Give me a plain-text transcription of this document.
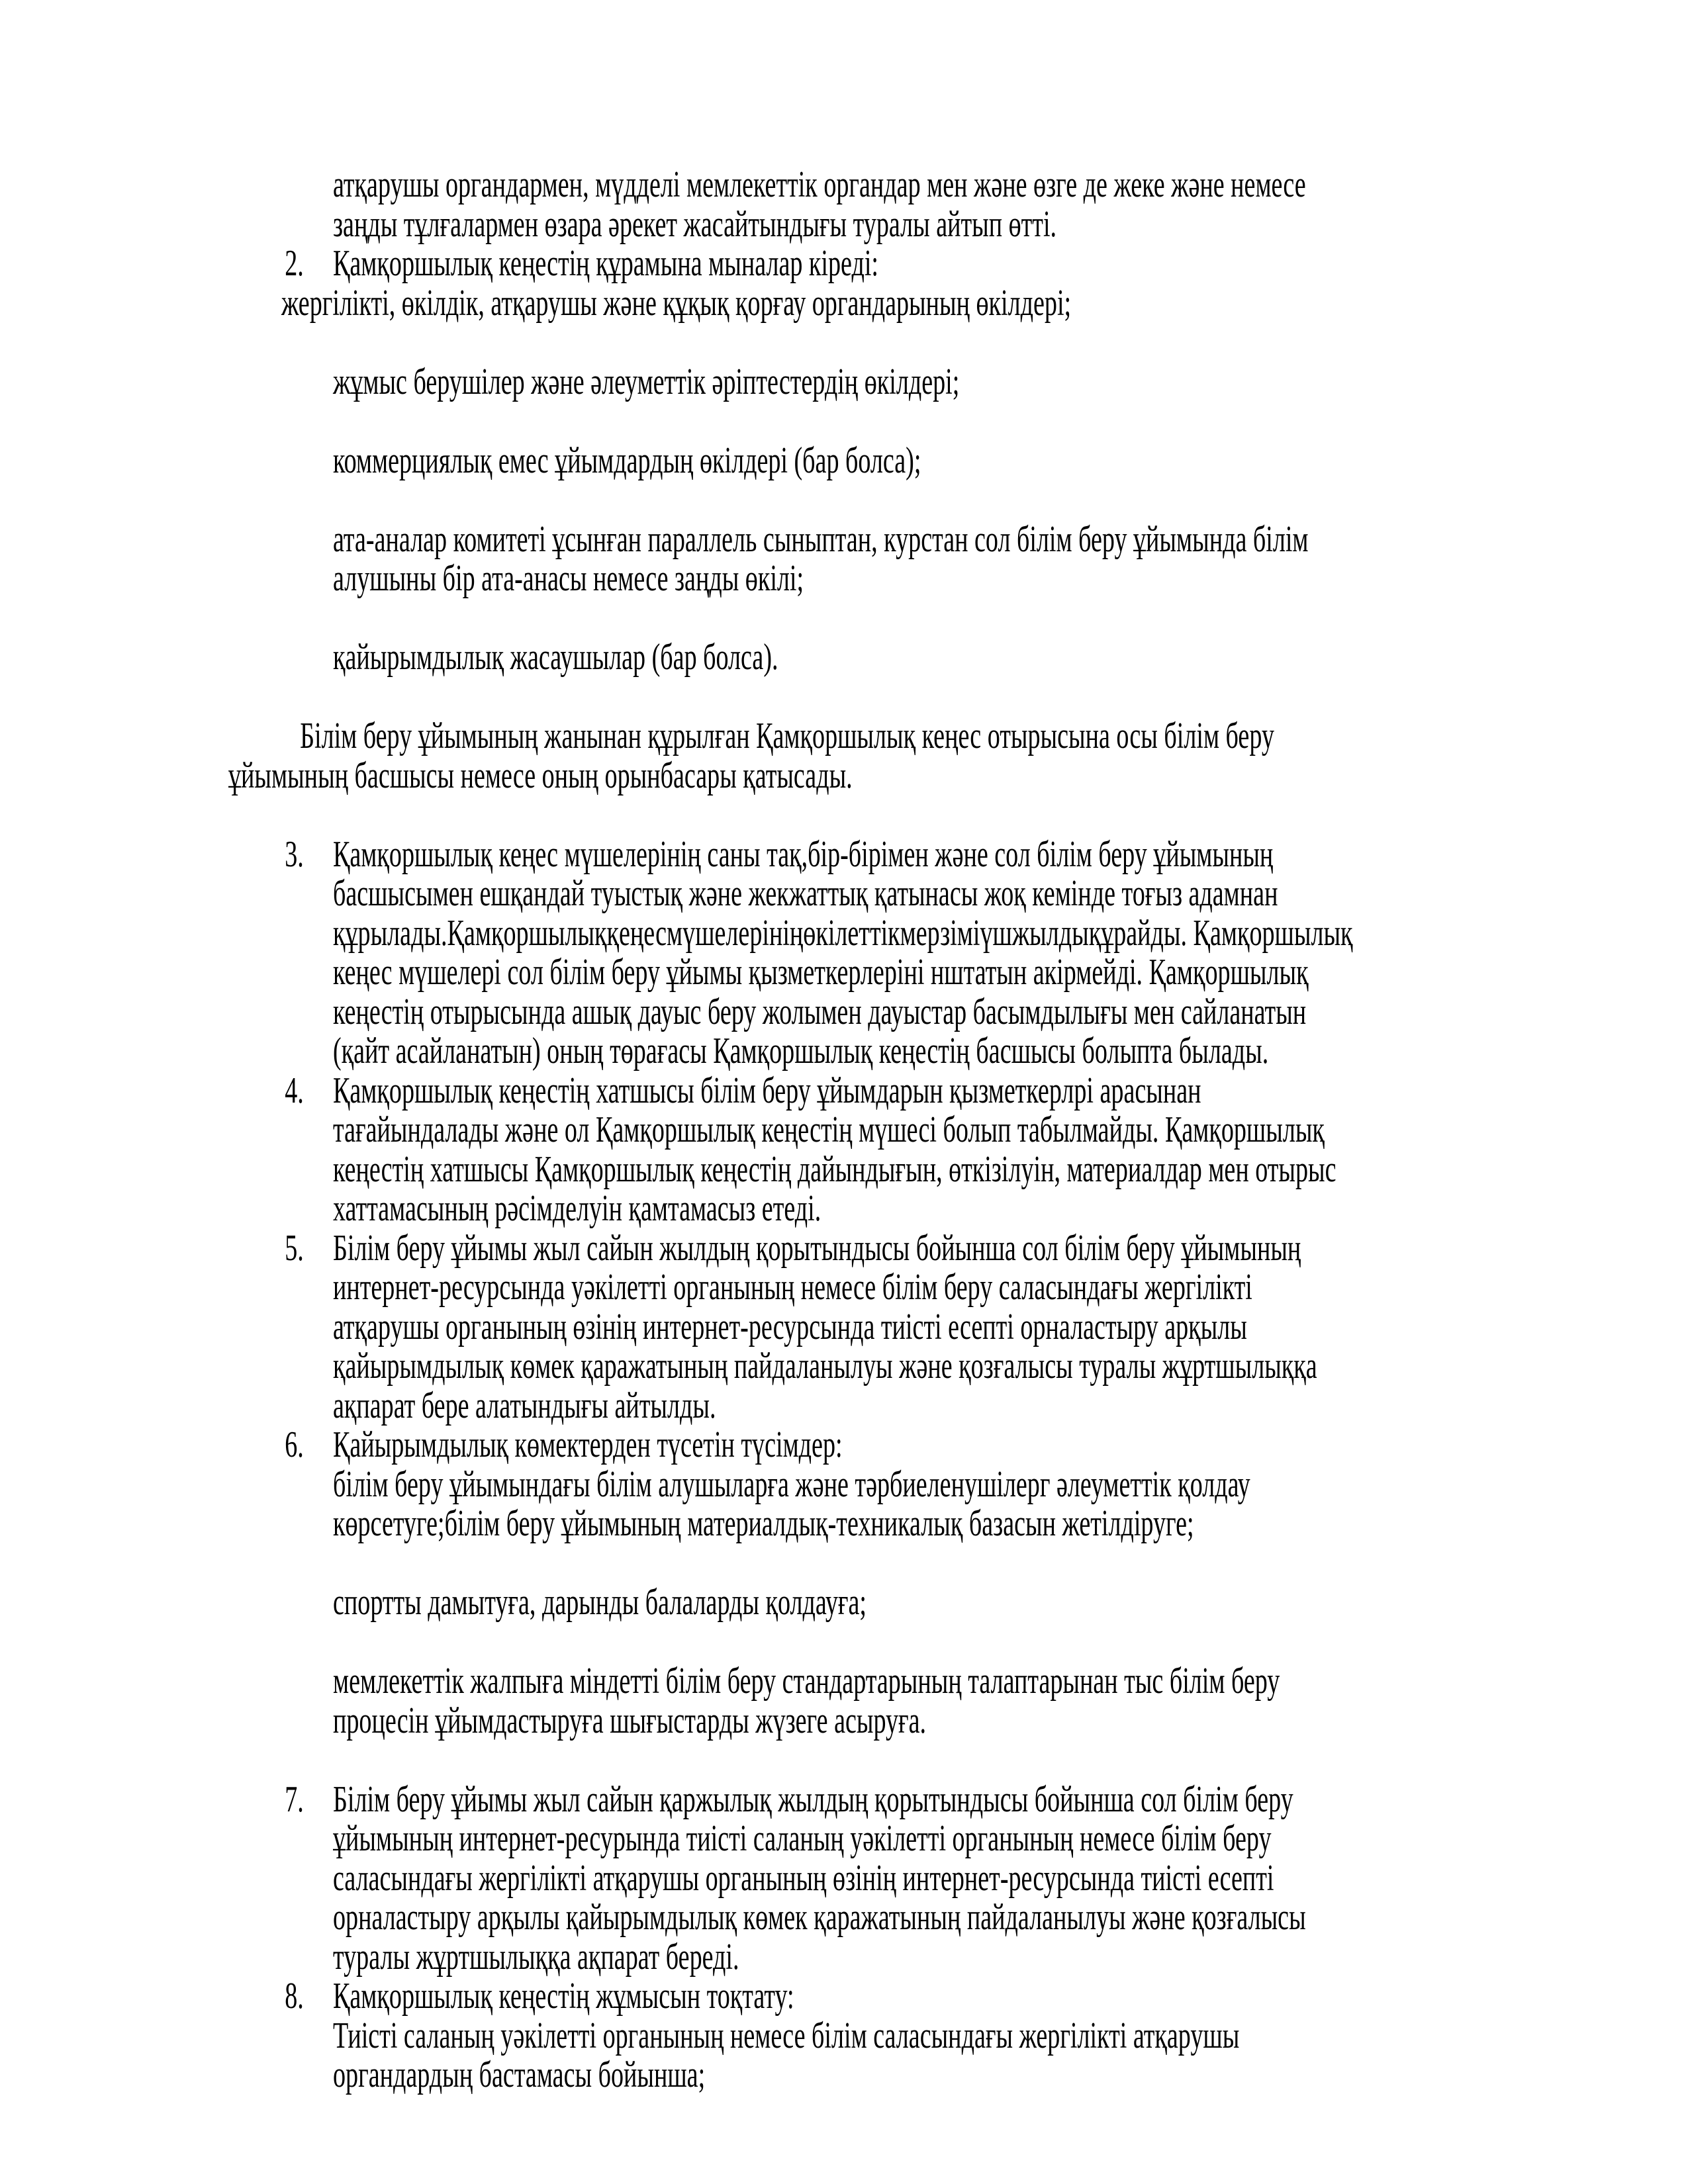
атқарушы органдармен, мүдделі мемлекеттік органдар мен және өзге де жеке және немесе
заңды тұлғалармен өзара әрекет жасайтындығы туралы айтып өтті.
2. Қамқоршылық кеңестің құрамына мыналар кіреді:
жергілікті, өкілдік, атқарушы және құқық қорғау органдарының өкілдері;
жұмыс берушілер және әлеуметтік әріптестердің өкілдері;
коммерциялық емес ұйымдардың өкілдері (бар болса);
ата-аналар комитеті ұсынған параллель сыныптан, курстан сол білім беру ұйымында білім
алушыны бір ата-анасы немесе заңды өкілі;
қайырымдылық жасаушылар (бар болса).
Білім беру ұйымының жанынан құрылған Қамқоршылық кеңес отырысына осы білім беру
ұйымының басшысы немесе оның орынбасары қатысады.
3. Қамқоршылық кеңес мүшелерінің саны тақ,бір-бірімен және сол білім беру ұйымының
басшысымен ешқандай туыстық және жекжаттық қатынасы жоқ кемінде тоғыз адамнан
құрылады.Қамқоршылыққеңесмүшелерініңөкілеттікмерзіміүшжылдықұрайды. Қамқоршылық
кеңес мүшелері сол білім беру ұйымы қызметкерлеріні нштатын акірмейді. Қамқоршылық
кеңестің отырысында ашық дауыс беру жолымен дауыстар басымдылығы мен сайланатын
(қайт асайланатын) оның төрағасы Қамқоршылық кеңестің басшысы болыпта былады.
4. Қамқоршылық кеңестің хатшысы білім беру ұйымдарын қызметкерлрі арасынан
тағайындалады және ол Қамқоршылық кеңестің мүшесі болып табылмайды. Қамқоршылық
кеңестің хатшысы Қамқоршылық кеңестің дайындығын, өткізілуін, материалдар мен отырыс
хаттамасының рәсімделуін қамтамасыз етеді.
5. Білім беру ұйымы жыл сайын жылдың қорытындысы бойынша сол білім беру ұйымының
интернет-ресурсында уәкілетті органының немесе білім беру саласындағы жергілікті
атқарушы органының өзінің интернет-ресурсында тиісті есепті орналастыру арқылы
қайырымдылық көмек қаражатының пайдаланылуы және қозғалысы туралы жұртшылыққа
ақпарат бере алатындығы айтылды.
6. Қайырымдылық көмектерден түсетін түсімдер:
білім беру ұйымындағы білім алушыларға және тәрбиеленушілерг әлеуметтік қолдау
көрсетуге;білім беру ұйымының материалдық-техникалық базасын жетілдіруге;
спортты дамытуға, дарынды балаларды қолдауға;
мемлекеттік жалпыға міндетті білім беру стандартарының талаптарынан тыс білім беру
процесін ұйымдастыруға шығыстарды жүзеге асыруға.
7. Білім беру ұйымы жыл сайын қаржылық жылдың қорытындысы бойынша сол білім беру
ұйымының интернет-ресурында тиісті саланың уәкілетті органының немесе білім беру
саласындағы жергілікті атқарушы органының өзінің интернет-ресурсында тиісті есепті
орналастыру арқылы қайырымдылық көмек қаражатының пайдаланылуы және қозғалысы
туралы жұртшылыққа ақпарат береді.
8. Қамқоршылық кеңестің жұмысын тоқтату:
Тиісті саланың уәкілетті органының немесе білім саласындағы жергілікті атқарушы
органдардың бастамасы бойынша;
